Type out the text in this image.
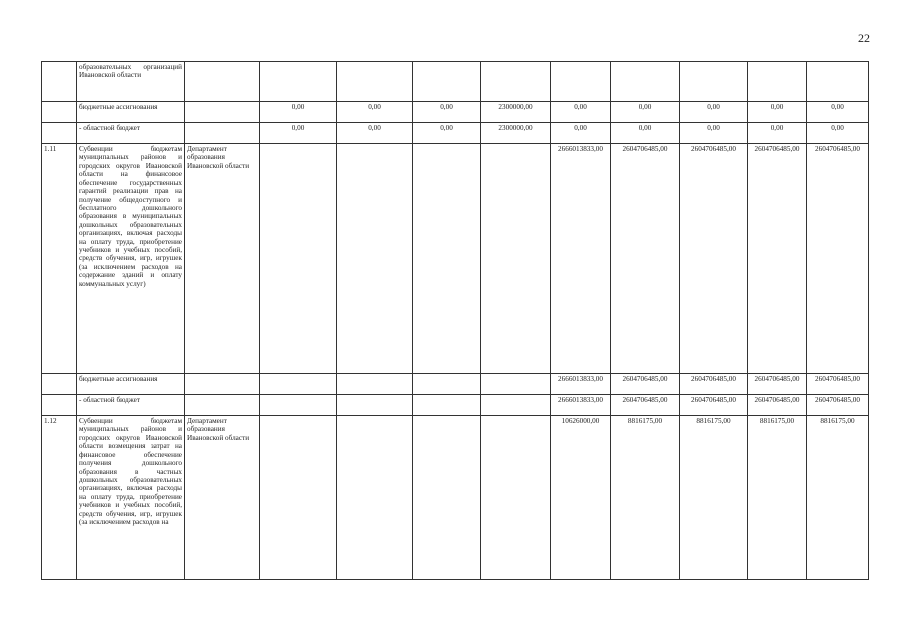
22
	образовательных организаций Ивановской области										
	бюджетные ассигнования		0,00	0,00	0,00	2300000,00	0,00	0,00	0,00	0,00	0,00
	- областной бюджет		0,00	0,00	0,00	2300000,00	0,00	0,00	0,00	0,00	0,00
1.11	Субвенции бюджетам муниципальных районов и городских округов Ивановской области на финансовое обеспечение государственных гарантий реализации прав на получение общедоступного и бесплатного дошкольного образования в муниципальных дошкольных образовательных организациях, включая расходы на оплату труда, приобретение учебников и учебных пособий, средств обучения, игр, игрушек (за исключением расходов на содержание зданий и оплату коммунальных услуг)	Департамент образования Ивановской области					2666013833,00	2604706485,00	2604706485,00	2604706485,00	2604706485,00
	бюджетные ассигнования						2666013833,00	2604706485,00	2604706485,00	2604706485,00	2604706485,00
	- областной бюджет						2666013833,00	2604706485,00	2604706485,00	2604706485,00	2604706485,00
1.12	Субвенции бюджетам муниципальных районов и городских округов Ивановской области возмещения затрат на финансовое обеспечение получения дошкольного образования в частных дошкольных образовательных организациях, включая расходы на оплату труда, приобретение учебников и учебных пособий, средств обучения, игр, игрушек (за исключением расходов на	Департамент образования Ивановской области					10626000,00	8816175,00	8816175,00	8816175,00	8816175,00
